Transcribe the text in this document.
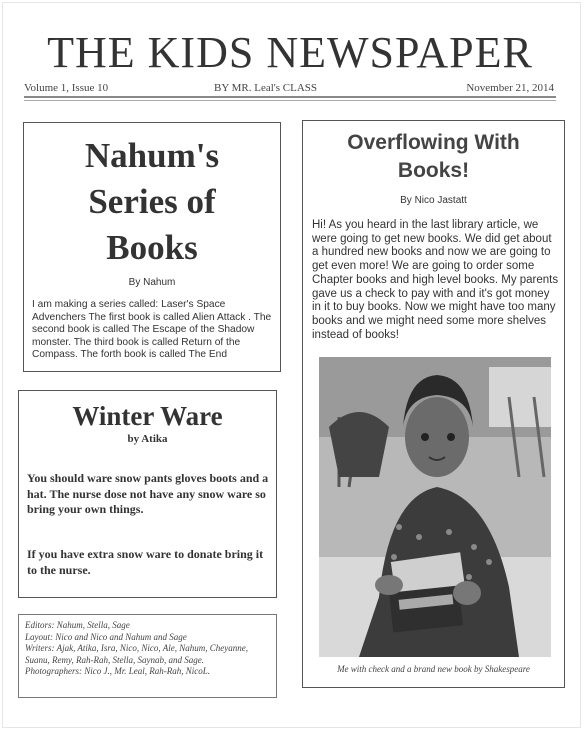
THE KIDS NEWSPAPER
Volume 1, Issue 10	BY MR. Leal's CLASS	November 21, 2014
Nahum's
Series of
Books
By Nahum
I am making a series called: Laser's Space Advenchers The first book is called Alien Attack . The second book is called The Escape of the Shadow monster. The third book is called Return of the Compass. The forth book is called The End
Winter Ware
by Atika
You should ware snow pants gloves boots and a hat. The nurse dose not have any snow ware so bring your own things.
If you have extra snow ware to donate bring it to the nurse.
Editors: Nahum, Stella, Sage
Layout: Nico and Nico and Nahum and Sage
Writers: Ajak, Atika, Isra, Nico, Nico, Ale, Nahum, Cheyanne, Suanu, Remy, Rah-Rah, Stella, Saynab, and Sage.
Photographers: Nico J., Mr. Leal, Rah-Rah, NicoL.
Overflowing With
Books!
By Nico Jastatt
Hi! As you heard in the last library article, we were going to get new books. We did get about a hundred new books and now we are going to get even more! We are going to order some Chapter books and high level books. My parents gave us a check to pay with and it's got money in it to buy books. Now we might have too many books and we might need some more shelves instead of books!
Me with check and a brand new book by Shakespeare
